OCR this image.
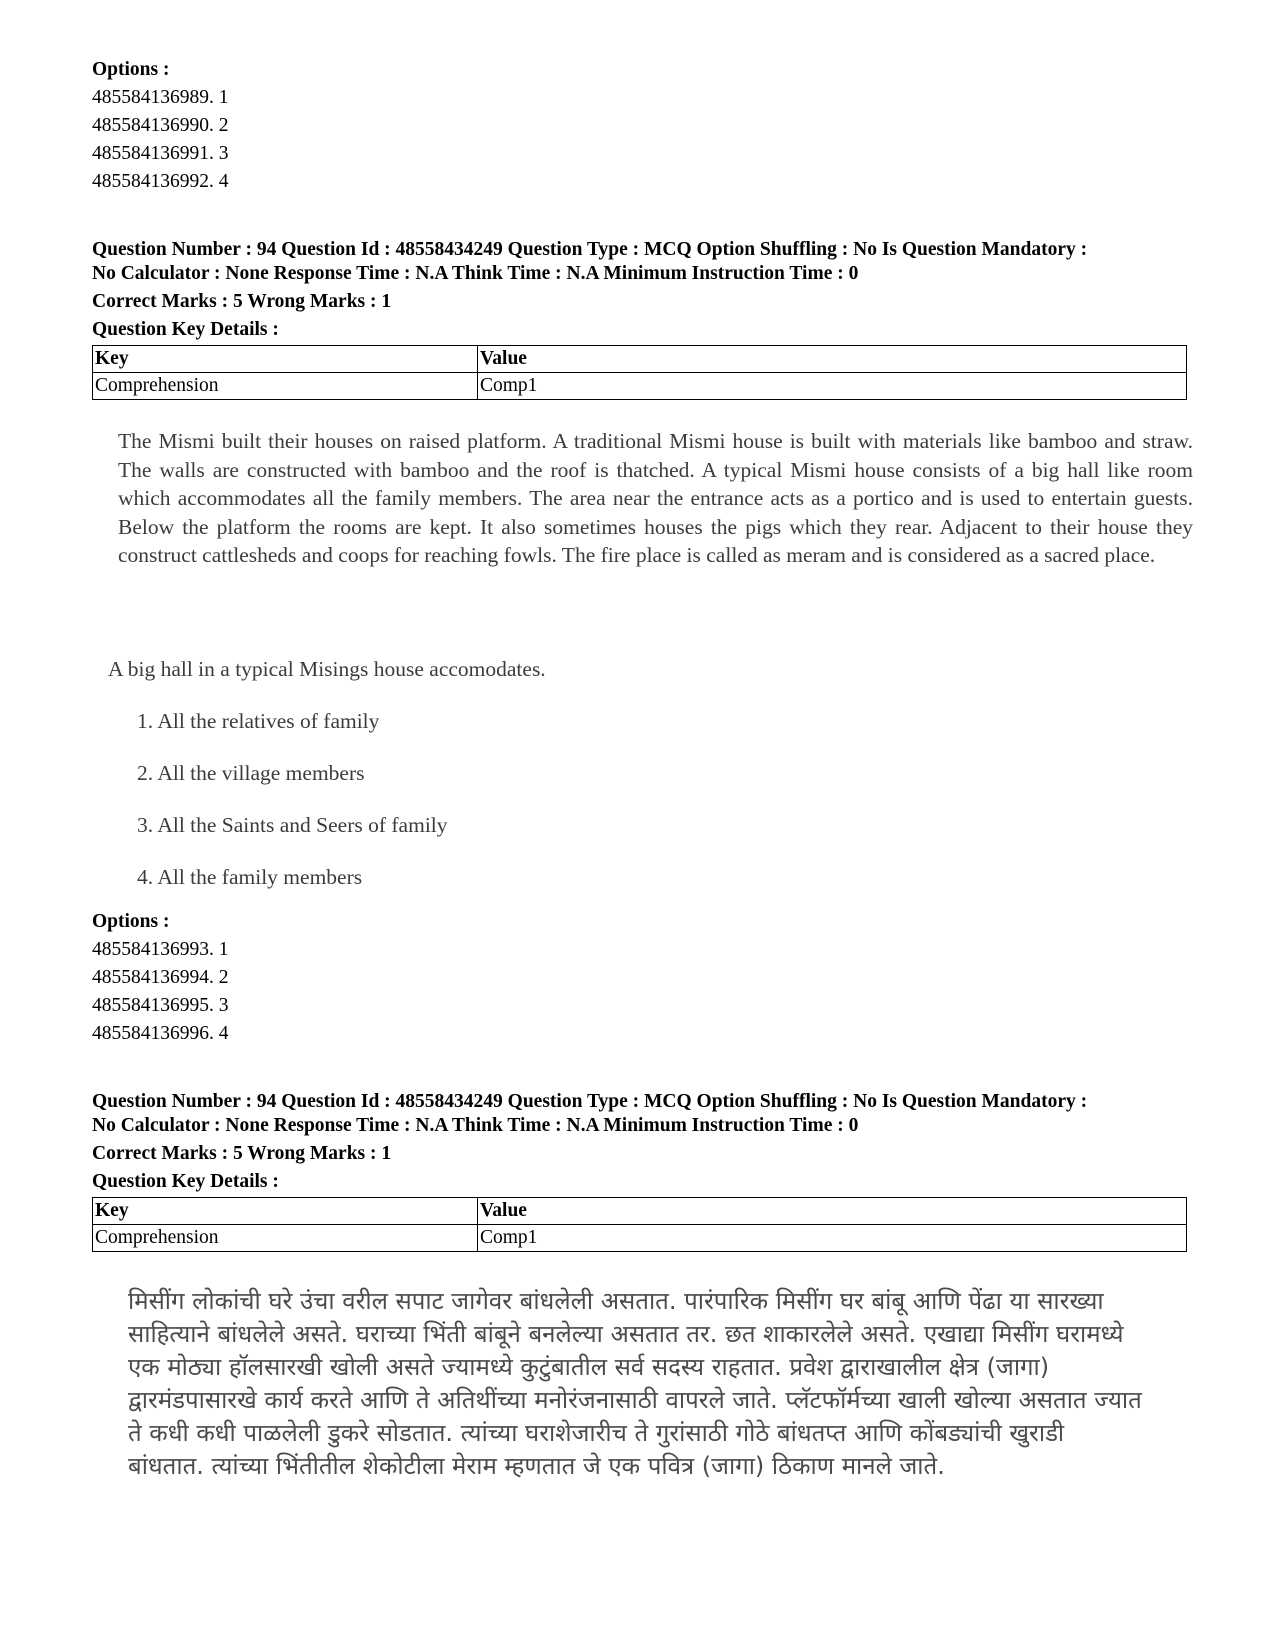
Options :
485584136989. 1
485584136990. 2
485584136991. 3
485584136992. 4
Question Number : 94 Question Id : 48558434249 Question Type : MCQ Option Shuffling : No Is Question Mandatory :
No Calculator : None Response Time : N.A Think Time : N.A Minimum Instruction Time : 0
Correct Marks : 5 Wrong Marks : 1
Question Key Details :
Key	Value
Comprehension	Comp1
The Mismi built their houses on raised platform. A traditional Mismi house is built with materials like bamboo and straw. The walls are constructed with bamboo and the roof is thatched. A typical Mismi house consists of a big hall like room which accommodates all the family members. The area near the entrance acts as a portico and is used to entertain guests. Below the platform the rooms are kept. It also sometimes houses the pigs which they rear. Adjacent to their house they construct cattlesheds and coops for reaching fowls. The fire place is called as meram and is considered as a sacred place.
A big hall in a typical Misings house accomodates.
1. All the relatives of family
2. All the village members
3. All the Saints and Seers of family
4. All the family members
Options :
485584136993. 1
485584136994. 2
485584136995. 3
485584136996. 4
Question Number : 94 Question Id : 48558434249 Question Type : MCQ Option Shuffling : No Is Question Mandatory :
No Calculator : None Response Time : N.A Think Time : N.A Minimum Instruction Time : 0
Correct Marks : 5 Wrong Marks : 1
Question Key Details :
Key	Value
Comprehension	Comp1
मिसींग लोकांची घरे उंचा वरील सपाट जागेवर बांधलेली असतात. पारंपारिक मिसींग घर बांबू आणि पेंढा या सारख्या
साहित्याने बांधलेले असते. घराच्या भिंती बांबूने बनलेल्या असतात तर. छत शाकारलेले असते. एखाद्या मिसींग घरामध्ये
एक मोठ्या हॉलसारखी खोली असते ज्यामध्ये कुटुंबातील सर्व सदस्य राहतात. प्रवेश द्वाराखालील क्षेत्र (जागा)
द्वारमंडपासारखे कार्य करते आणि ते अतिथींच्या मनोरंजनासाठी वापरले जाते. प्लॅटफॉर्मच्या खाली खोल्या असतात ज्यात
ते कधी कधी पाळलेली डुकरे सोडतात. त्यांच्या घराशेजारीच ते गुरांसाठी गोठे बांधतप्त आणि कोंबड्यांची खुराडी
बांधतात. त्यांच्या भिंतीतील शेकोटीला मेराम म्हणतात जे एक पवित्र (जागा) ठिकाण मानले जाते.
